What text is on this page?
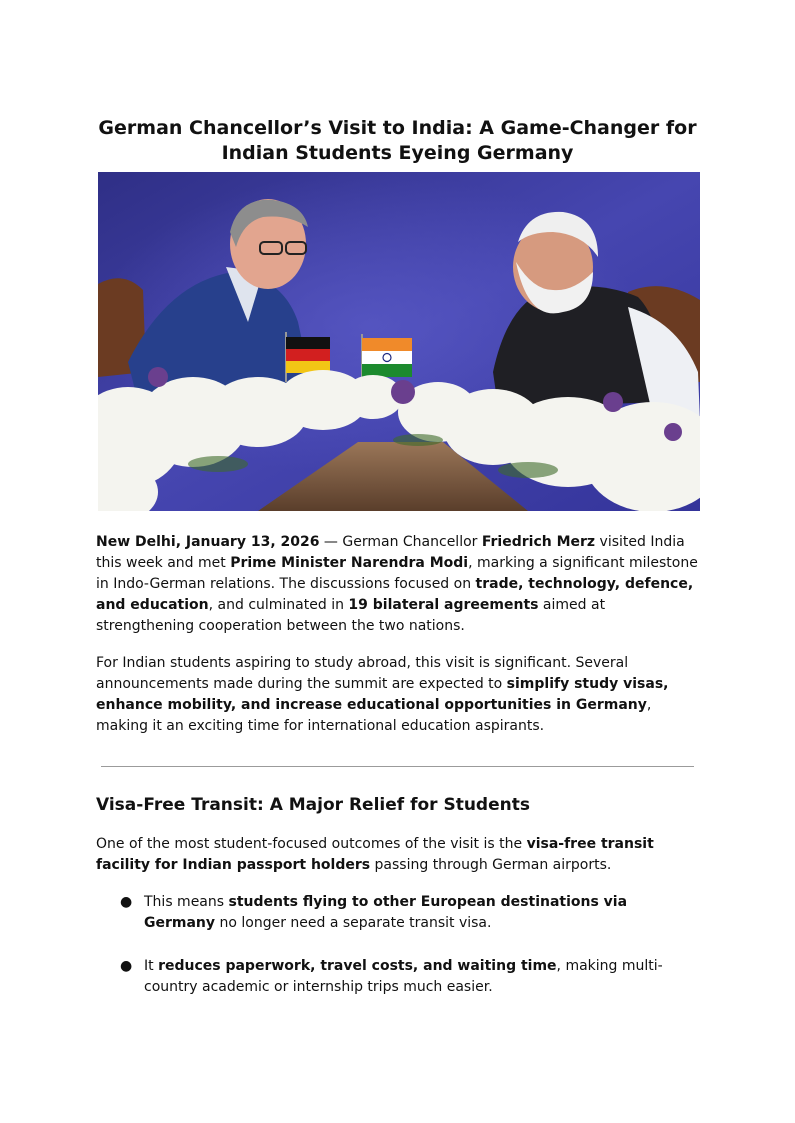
German Chancellor’s Visit to India: A Game-Changer for
Indian Students Eyeing Germany

New Delhi, January 13, 2026 — German Chancellor Friedrich Merz visited India this week and met Prime Minister Narendra Modi, marking a significant milestone in Indo-German relations. The discussions focused on trade, technology, defence, and education, and culminated in 19 bilateral agreements aimed at strengthening cooperation between the two nations.

For Indian students aspiring to study abroad, this visit is significant. Several announcements made during the summit are expected to simplify study visas, enhance mobility, and increase educational opportunities in Germany, making it an exciting time for international education aspirants.

Visa-Free Transit: A Major Relief for Students

One of the most student-focused outcomes of the visit is the visa-free transit facility for Indian passport holders passing through German airports.

● This means students flying to other European destinations via Germany no longer need a separate transit visa.

● It reduces paperwork, travel costs, and waiting time, making multi-country academic or internship trips much easier.
